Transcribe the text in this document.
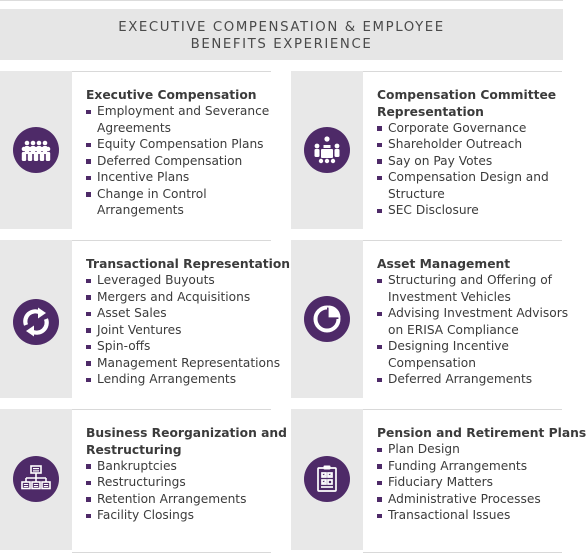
EXECUTIVE COMPENSATION & EMPLOYEE
BENEFITS EXPERIENCE
Executive Compensation
Employment and Severance
Agreements
Equity Compensation Plans
Deferred Compensation
Incentive Plans
Change in Control
Arrangements
Compensation Committee
Representation
Corporate Governance
Shareholder Outreach
Say on Pay Votes
Compensation Design and
Structure
SEC Disclosure
Transactional Representation
Leveraged Buyouts
Mergers and Acquisitions
Asset Sales
Joint Ventures
Spin-offs
Management Representations
Lending Arrangements
Asset Management
Structuring and Offering of
Investment Vehicles
Advising Investment Advisors
on ERISA Compliance
Designing Incentive
Compensation
Deferred Arrangements
Business Reorganization and
Restructuring
Bankruptcies
Restructurings
Retention Arrangements
Facility Closings
Pension and Retirement Plans
Plan Design
Funding Arrangements
Fiduciary Matters
Administrative Processes
Transactional Issues
